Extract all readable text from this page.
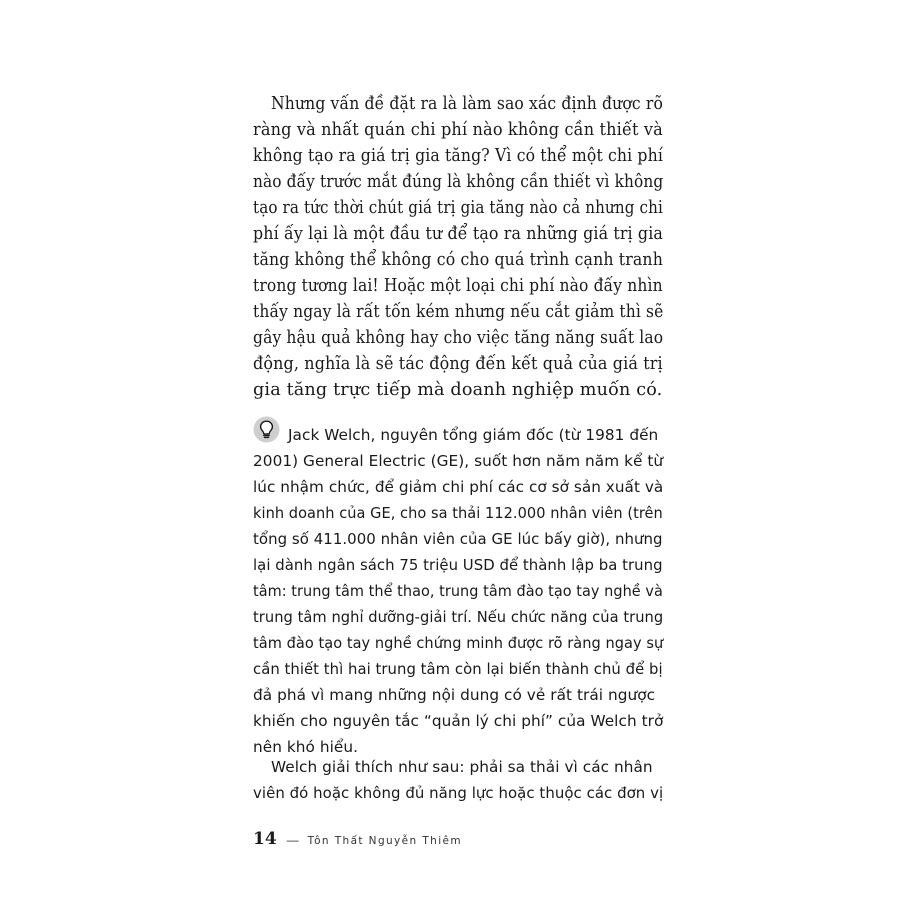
Nhưng vấn đề đặt ra là làm sao xác định được rõ
ràng và nhất quán chi phí nào không cần thiết và
không tạo ra giá trị gia tăng? Vì có thể một chi phí
nào đấy trước mắt đúng là không cần thiết vì không
tạo ra tức thời chút giá trị gia tăng nào cả nhưng chi
phí ấy lại là một đầu tư để tạo ra những giá trị gia
tăng không thể không có cho quá trình cạnh tranh
trong tương lai! Hoặc một loại chi phí nào đấy nhìn
thấy ngay là rất tốn kém nhưng nếu cắt giảm thì sẽ
gây hậu quả không hay cho việc tăng năng suất lao
động, nghĩa là sẽ tác động đến kết quả của giá trị
gia tăng trực tiếp mà doanh nghiệp muốn có.
Jack Welch, nguyên tổng giám đốc (từ 1981 đến
2001) General Electric (GE), suốt hơn năm năm kể từ
lúc nhậm chức, để giảm chi phí các cơ sở sản xuất và
kinh doanh của GE, cho sa thải 112.000 nhân viên (trên
tổng số 411.000 nhân viên của GE lúc bấy giờ), nhưng
lại dành ngân sách 75 triệu USD để thành lập ba trung
tâm: trung tâm thể thao, trung tâm đào tạo tay nghề và
trung tâm nghỉ dưỡng-giải trí. Nếu chức năng của trung
tâm đào tạo tay nghề chứng minh được rõ ràng ngay sự
cần thiết thì hai trung tâm còn lại biến thành chủ để bị
đả phá vì mang những nội dung có vẻ rất trái ngược
khiến cho nguyên tắc “quản lý chi phí” của Welch trở
nên khó hiểu.
Welch giải thích như sau: phải sa thải vì các nhân
viên đó hoặc không đủ năng lực hoặc thuộc các đơn vị
14 — Tôn Thất Nguyễn Thiêm
